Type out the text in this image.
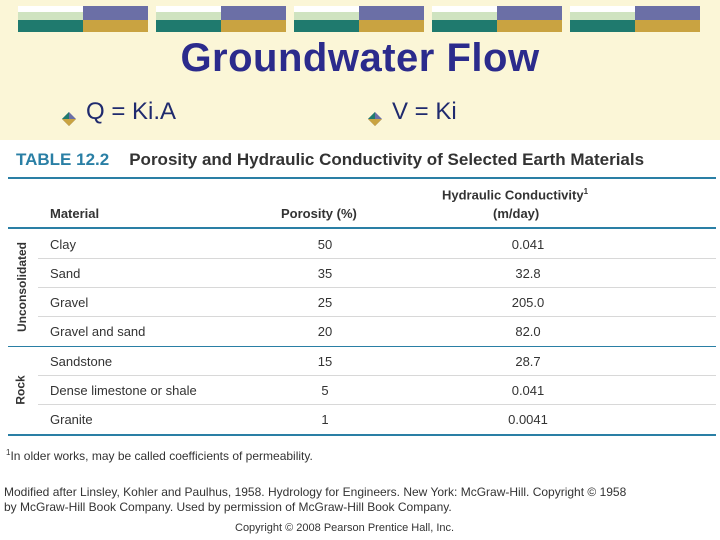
Groundwater Flow
Q = Ki.A	V = Ki
TABLE 12.2 Porosity and Hydraulic Conductivity of Selected Earth Materials
Hydraulic Conductivity$^1$
Material	Porosity (%)	(m/day)
Clay	50	0.041
Sand	35	32.8
Gravel	25	205.0
Gravel and sand	20	82.0
Sandstone	15	28.7
Dense limestone or shale	5	0.041
Granite	1	0.0041
Unconsolidated
Rock
$^1$In older works, may be called coefficients of permeability.
Modified after Linsley, Kohler and Paulhus, 1958. Hydrology for Engineers. New York: McGraw-Hill. Copyright © 1958
by McGraw-Hill Book Company. Used by permission of McGraw-Hill Book Company.
Copyright © 2008 Pearson Prentice Hall, Inc.
